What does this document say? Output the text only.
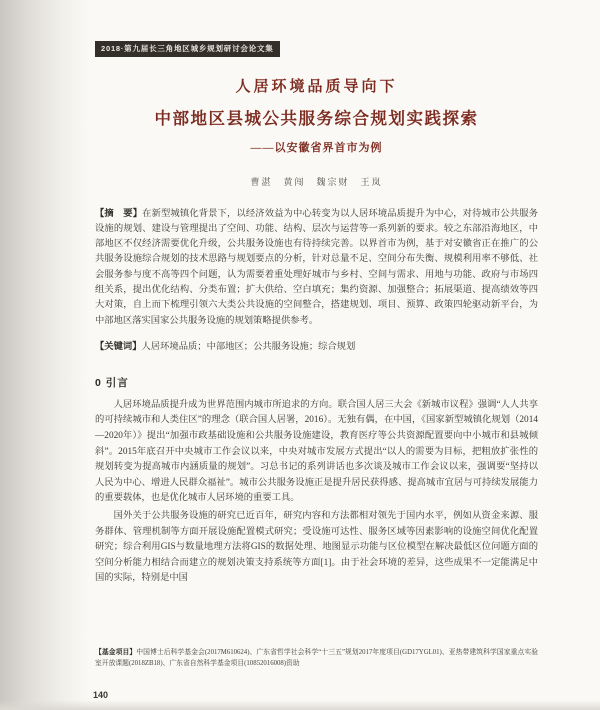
2018·第九届长三角地区城乡规划研讨会论文集
人居环境品质导向下
中部地区县城公共服务综合规划实践探索
——以安徽省界首市为例
曹湛　黄闯　魏宗财　王岚
【摘　要】在新型城镇化背景下，以经济效益为中心转变为以人居环境品质提升为中心，对待城市公共服务设施的规划、建设与管理提出了空间、功能、结构、层次与运营等一系列新的要求。较之东部沿海地区，中部地区不仅经济需要优化升级，公共服务设施也有待持续完善。以界首市为例，基于对安徽省正在推广的公共服务设施综合规划的技术思路与规划要点的分析，针对总量不足、空间分布失衡、规模利用率不够低、社会服务参与度不高等四个问题，认为需要着重处理好城市与乡村、空间与需求、用地与功能、政府与市场四组关系，提出优化结构、分类布置；扩大供给、空白填充；集约资源、加强整合；拓展渠道、提高绩效等四大对策，自上而下梳理引领六大类公共设施的空间整合，搭建规划、项目、预算、政策四轮驱动新平台，为中部地区落实国家公共服务设施的规划策略提供参考。
【关键词】人居环境品质；中部地区；公共服务设施；综合规划
0 引言
人居环境品质提升成为世界范围内城市所追求的方向。联合国人居三大会《新城市议程》强调“人人共享的可持续城市和人类住区”的理念（联合国人居署，2016）。无独有偶，在中国，《国家新型城镇化规划（2014—2020年）》提出“加强市政基础设施和公共服务设施建设，教育医疗等公共资源配置要向中小城市和县城倾斜”。2015年底召开中央城市工作会议以来，中央对城市发展方式提出“以人的需要为目标，把粗放扩张性的规划转变为提高城市内涵质量的规划”。习总书记的系列讲话也多次谈及城市工作会议以来，强调要“坚持以人民为中心、增进人民群众福祉”。城市公共服务设施正是提升居民获得感、提高城市宜居与可持续发展能力的重要载体，也是优化城市人居环境的重要工具。
国外关于公共服务设施的研究已近百年，研究内容和方法都相对领先于国内水平，例如从资金来源、服务群体、管理机制等方面开展设施配置模式研究；受设施可达性、服务区域等因素影响的设施空间优化配置研究；综合利用GIS与数量地理方法将GIS的数据处理、地图显示功能与区位模型在解决最低区位问题方面的空间分析能力相结合而建立的规划决策支持系统等方面[1]。由于社会环境的差异，这些成果不一定能满足中国的实际，特别是中国
【基金项目】中国博士后科学基金会(2017M610624)、广东省哲学社会科学“十三五”规划2017年度项目(GD17YGL01)、亚热带建筑科学国家重点实验室开放课题(2018ZB18)、广东省自然科学基金项目(10852016008)资助
140
